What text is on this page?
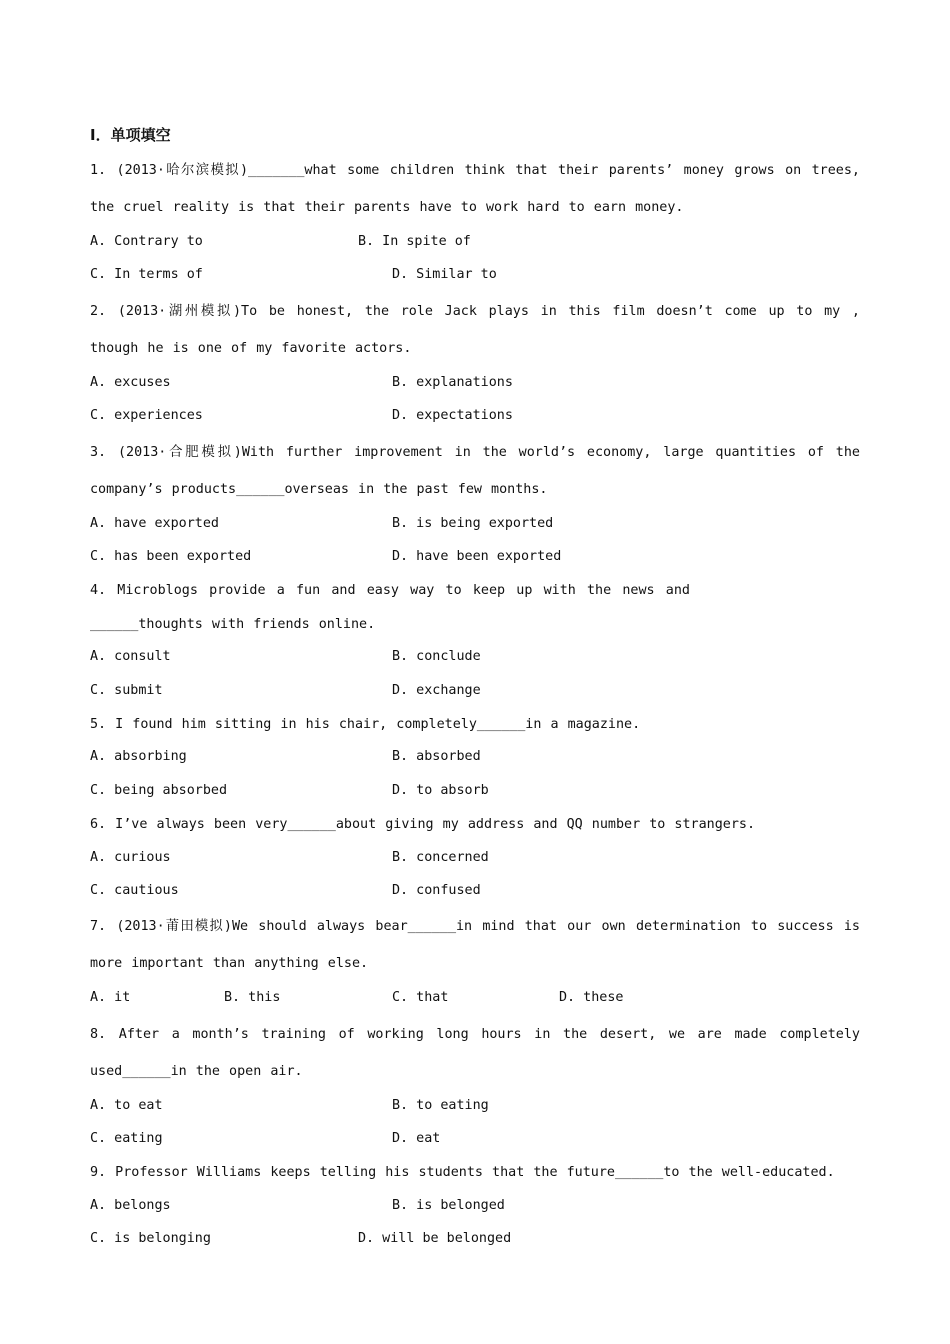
Ⅰ．单项填空
1. (2013·哈尔滨模拟)_______what some children think that their parents’ money grows on trees, the cruel reality is that their parents have to work hard to earn money.
A. Contrary to	B. In spite of
C. In terms of	D. Similar to
2. (2013·湖州模拟)To be honest, the role Jack plays in this film doesn’t come up to my , though he is one of my favorite actors.
A. excuses	B. explanations
C. experiences	D. expectations
3. (2013·合肥模拟)With further improvement in the world’s economy, large quantities of the company’s products______overseas in the past few months.
A. have exported	B. is being exported
C. has been exported	D. have been exported
4. Microblogs provide a fun and easy way to keep up with the news and ______thoughts with friends online.
A. consult	B. conclude
C. submit	D. exchange
5. I found him sitting in his chair, completely______in a magazine.
A. absorbing	B. absorbed
C. being absorbed	D. to absorb
6. I’ve always been very______about giving my address and QQ number to strangers.
A. curious	B. concerned
C. cautious	D. confused
7. (2013·莆田模拟)We should always bear______in mind that our own determination to success is more important than anything else.
A. it	B. this	C. that	D. these
8. After a month’s training of working long hours in the desert, we are made completely used______in the open air.
A. to eat	B. to eating
C. eating	D. eat
9. Professor Williams keeps telling his students that the future______to the well-educated.
A. belongs	B. is belonged
C. is belonging	D. will be belonged
